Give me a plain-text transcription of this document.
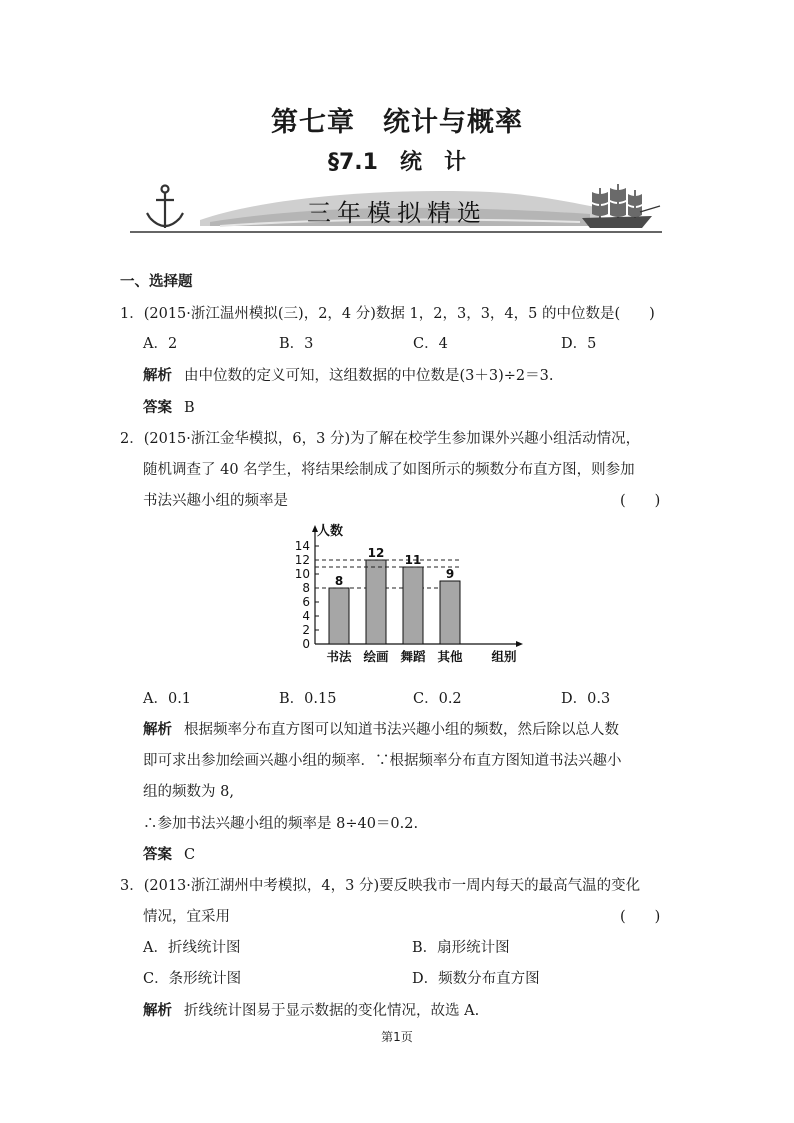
第七章 统计与概率
§7.1 统　计
三年模拟精选
一、选择题
1．(2015·浙江温州模拟(三)，2，4 分)数据 1，2，3，3，4，5 的中位数是(　　)
A．2	B．3	C．4	D．5
解析 由中位数的定义可知，这组数据的中位数是(3＋3)÷2＝3.
答案 B
2．(2015·浙江金华模拟，6，3 分)为了解在校学生参加课外兴趣小组活动情况，
随机调查了 40 名学生，将结果绘制成了如图所示的频数分布直方图，则参加
书法兴趣小组的频率是	(　　)
人数
0
2
4
6
8
10
12
14
8
书法
12
绘画
11
舞蹈
9
其他 组别
A．0.1	B．0.15	C．0.2	D．0.3
解析 根据频率分布直方图可以知道书法兴趣小组的频数，然后除以总人数
即可求出参加绘画兴趣小组的频率．∵根据频率分布直方图知道书法兴趣小
组的频数为 8,
∴参加书法兴趣小组的频率是 8÷40＝0.2.
答案 C
3．(2013·浙江湖州中考模拟，4，3 分)要反映我市一周内每天的最高气温的变化
情况，宜采用	(　　)
A．折线统计图	B．扇形统计图
C．条形统计图	D．频数分布直方图
解析 折线统计图易于显示数据的变化情况，故选 A.
第1页
